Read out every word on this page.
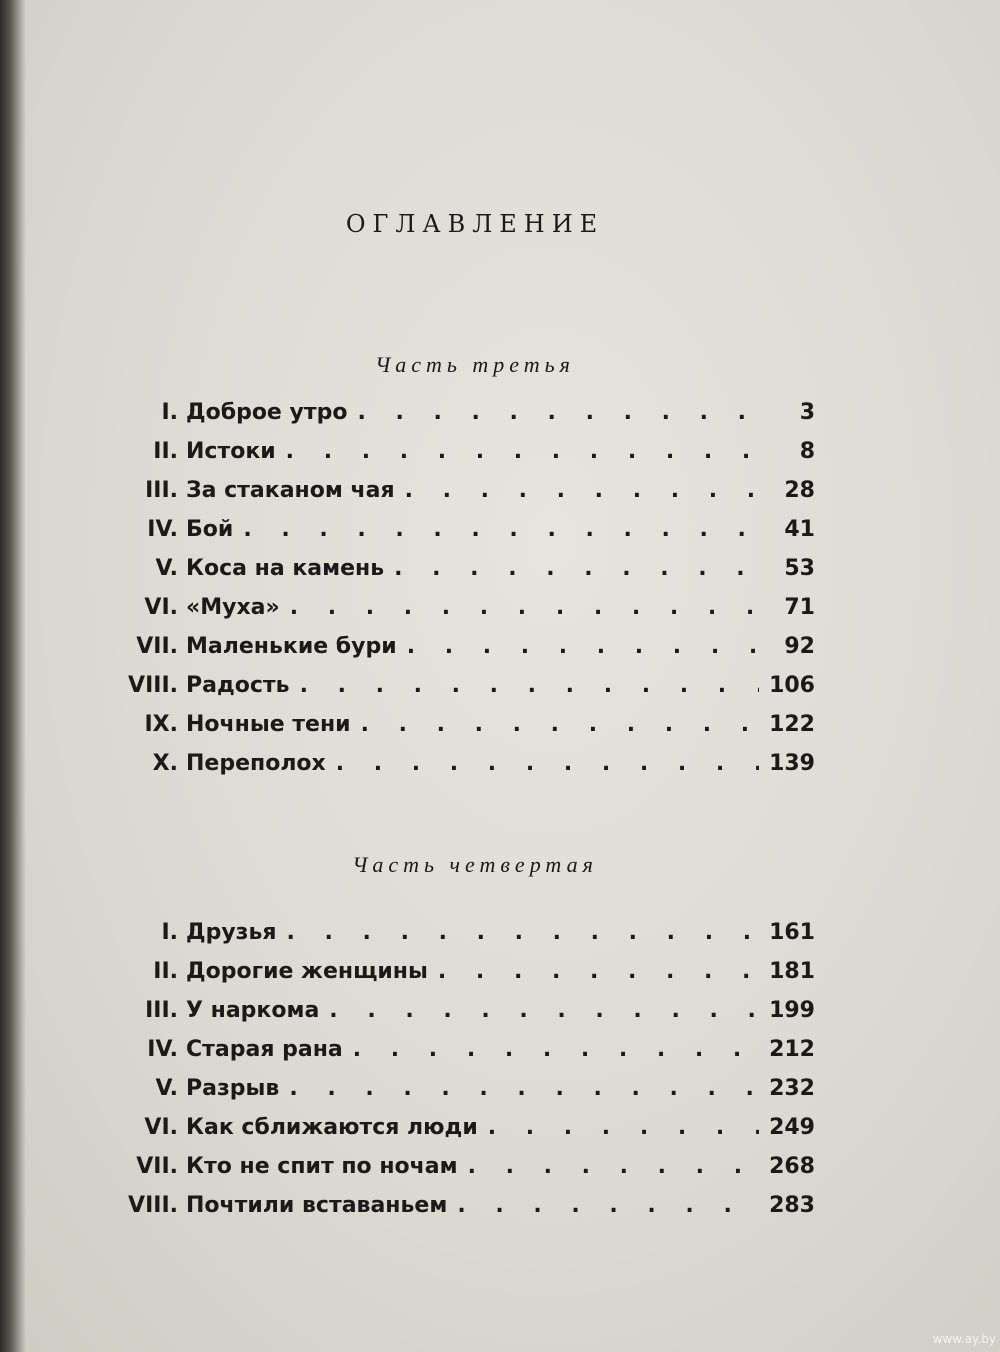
ОГЛАВЛЕНИЕ
Часть третья
I. Доброе утро . . .	3
II. Истоки . . .	8
III. За стаканом чая . . .	28
IV. Бой . . .	41
V. Коса на камень . . .	53
VI. «Муха» . . .	71
VII. Маленькие бури . . .	92
VIII. Радость . . .	106
IX. Ночные тени . . .	122
X. Переполох . . .	139
Часть четвертая
I. Друзья . . .	161
II. Дорогие женщины . . .	181
III. У наркома . . .	199
IV. Старая рана . . .	212
V. Разрыв . . .	232
VI. Как сближаются люди . . .	249
VII. Кто не спит по ночам . . .	268
VIII. Почтили вставаньем . . .	283
www.ay.by
